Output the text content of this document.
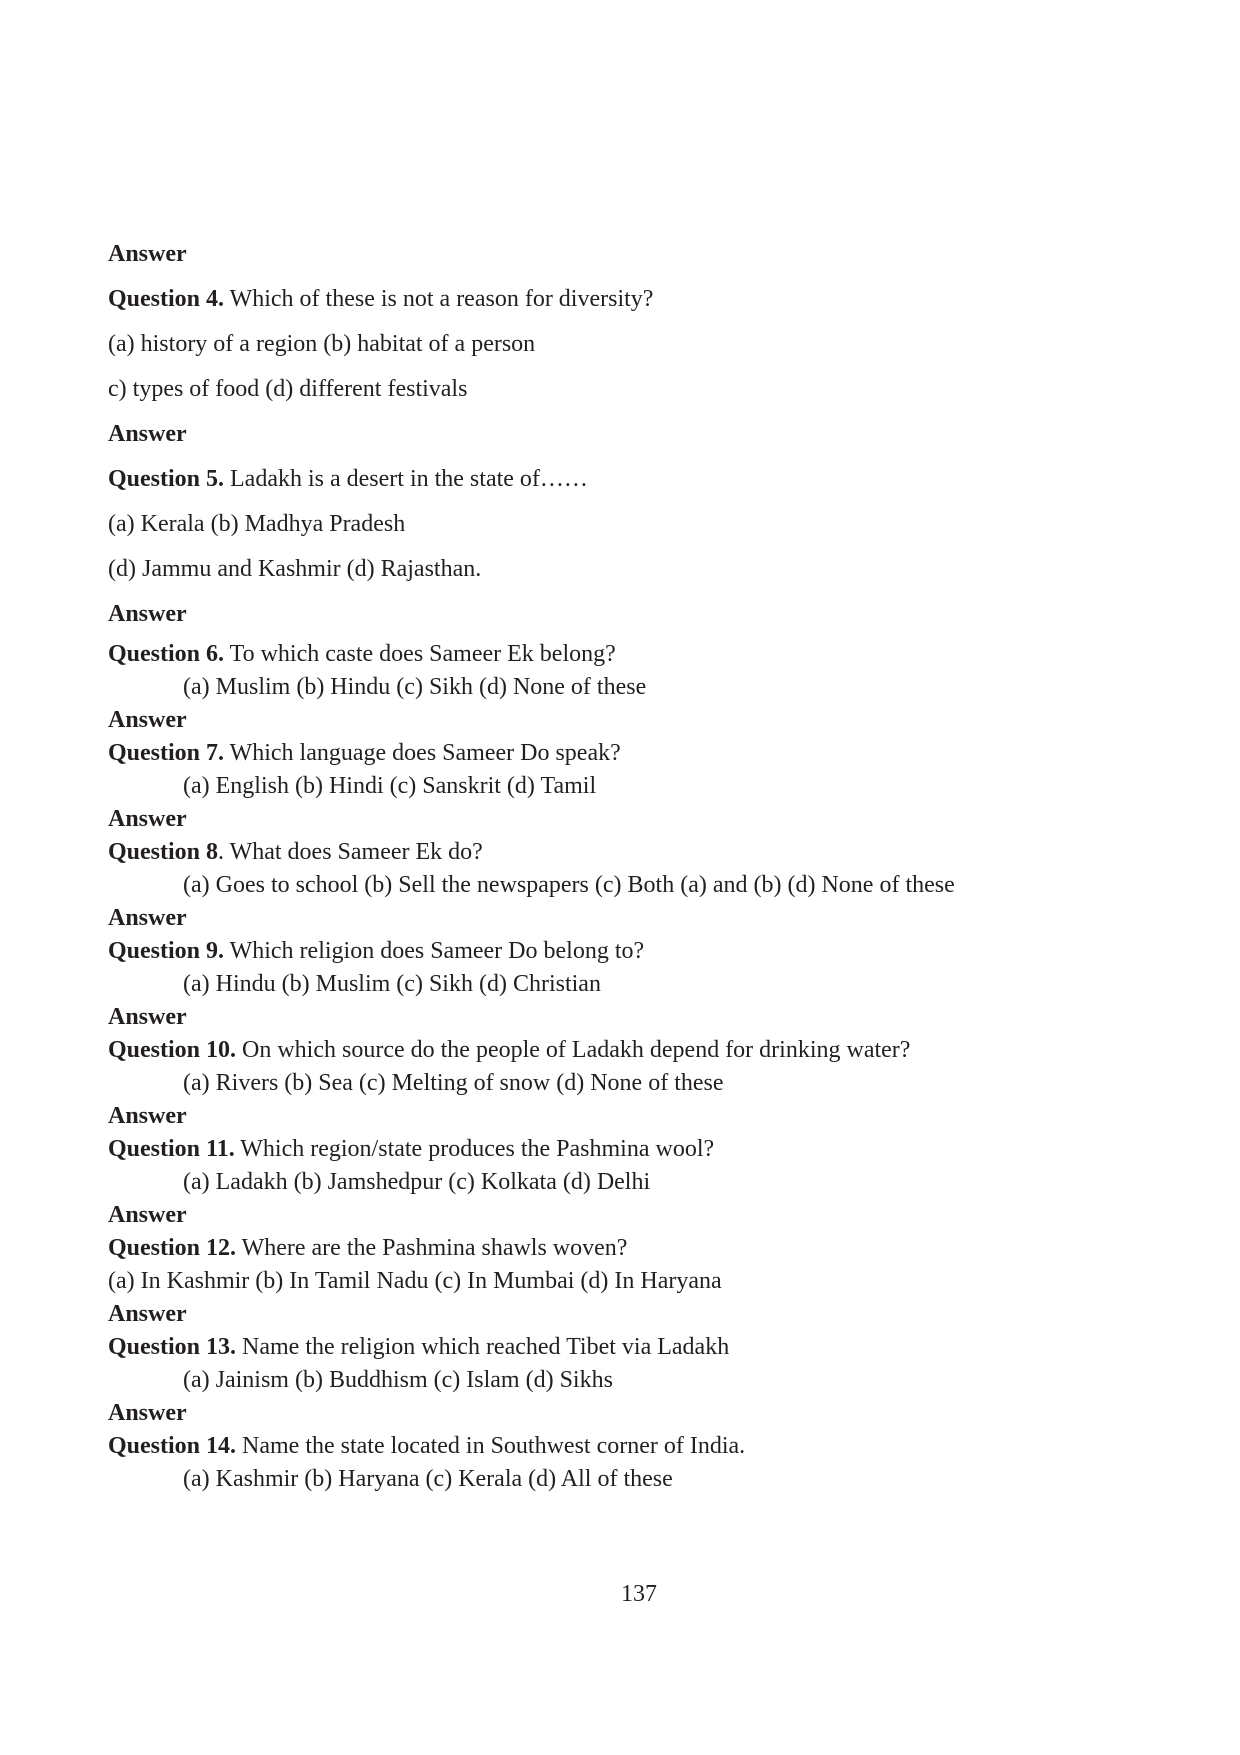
Answer
Question 4. Which of these is not a reason for diversity?
(a) history of a region (b) habitat of a person
c) types of food (d) different festivals
Answer
Question 5. Ladakh is a desert in the state of……
(a) Kerala (b) Madhya Pradesh
(d) Jammu and Kashmir (d) Rajasthan.
Answer
Question 6. To which caste does Sameer Ek belong?
(a) Muslim (b) Hindu (c) Sikh (d) None of these
Answer
Question 7. Which language does Sameer Do speak?
(a) English (b) Hindi (c) Sanskrit (d) Tamil
Answer
Question 8. What does Sameer Ek do?
(a) Goes to school (b) Sell the newspapers (c) Both (a) and (b) (d) None of these
Answer
Question 9. Which religion does Sameer Do belong to?
(a) Hindu (b) Muslim (c) Sikh (d) Christian
Answer
Question 10. On which source do the people of Ladakh depend for drinking water?
(a) Rivers (b) Sea (c) Melting of snow (d) None of these
Answer
Question 11. Which region/state produces the Pashmina wool?
(a) Ladakh (b) Jamshedpur (c) Kolkata (d) Delhi
Answer
Question 12. Where are the Pashmina shawls woven?
(a) In Kashmir (b) In Tamil Nadu (c) In Mumbai (d) In Haryana
Answer
Question 13. Name the religion which reached Tibet via Ladakh
(a) Jainism (b) Buddhism (c) Islam (d) Sikhs
Answer
Question 14. Name the state located in Southwest corner of India.
(a) Kashmir (b) Haryana (c) Kerala (d) All of these
137
